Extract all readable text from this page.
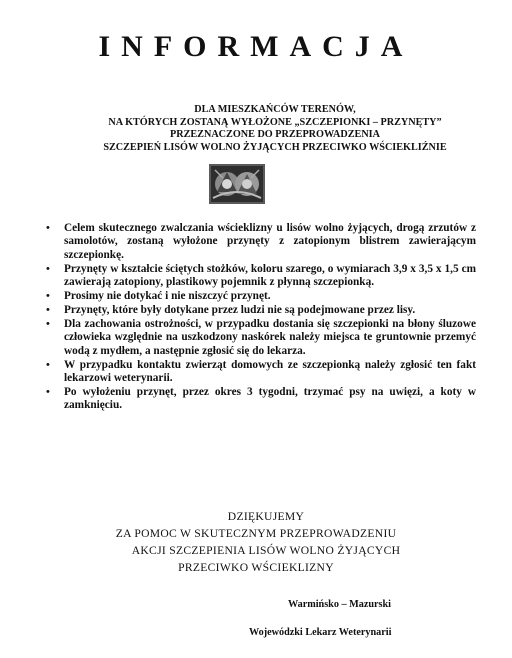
INFORMACJA
DLA MIESZKAŃCÓW TERENÓW,
NA KTÓRYCH ZOSTANĄ WYŁOŻONE „SZCZEPIONKI – PRZYNĘTY”
PRZEZNACZONE DO PRZEPROWADZENIA
SZCZEPIEŃ LISÓW WOLNO ŻYJĄCYCH PRZECIWKO WŚCIEKLIŹNIE
• Celem skutecznego zwalczania wścieklizny u lisów wolno żyjących, drogą zrzutów z samolotów, zostaną wyłożone przynęty z zatopionym blistrem zawierającym szczepionkę.
• Przynęty w kształcie ściętych stożków, koloru szarego, o wymiarach 3,9 x 3,5 x 1,5 cm zawierają zatopiony, plastikowy pojemnik z płynną szczepionką.
• Prosimy nie dotykać i nie niszczyć przynęt.
• Przynęty, które były dotykane przez ludzi nie są podejmowane przez lisy.
• Dla zachowania ostrożności, w przypadku dostania się szczepionki na błony śluzowe człowieka względnie na uszkodzony naskórek należy miejsca te gruntownie przemyć wodą z mydłem, a następnie zgłosić się do lekarza.
• W przypadku kontaktu zwierząt domowych ze szczepionką należy zgłosić ten fakt lekarzowi weterynarii.
• Po wyłożeniu przynęt, przez okres 3 tygodni, trzymać psy na uwięzi, a koty w zamknięciu.
DZIĘKUJEMY
ZA POMOC W SKUTECZNYM PRZEPROWADZENIU
AKCJI SZCZEPIENIA LISÓW WOLNO ŻYJĄCYCH
PRZECIWKO WŚCIEKLIZNY
Warmińsko – Mazurski
Wojewódzki Lekarz Weterynarii
